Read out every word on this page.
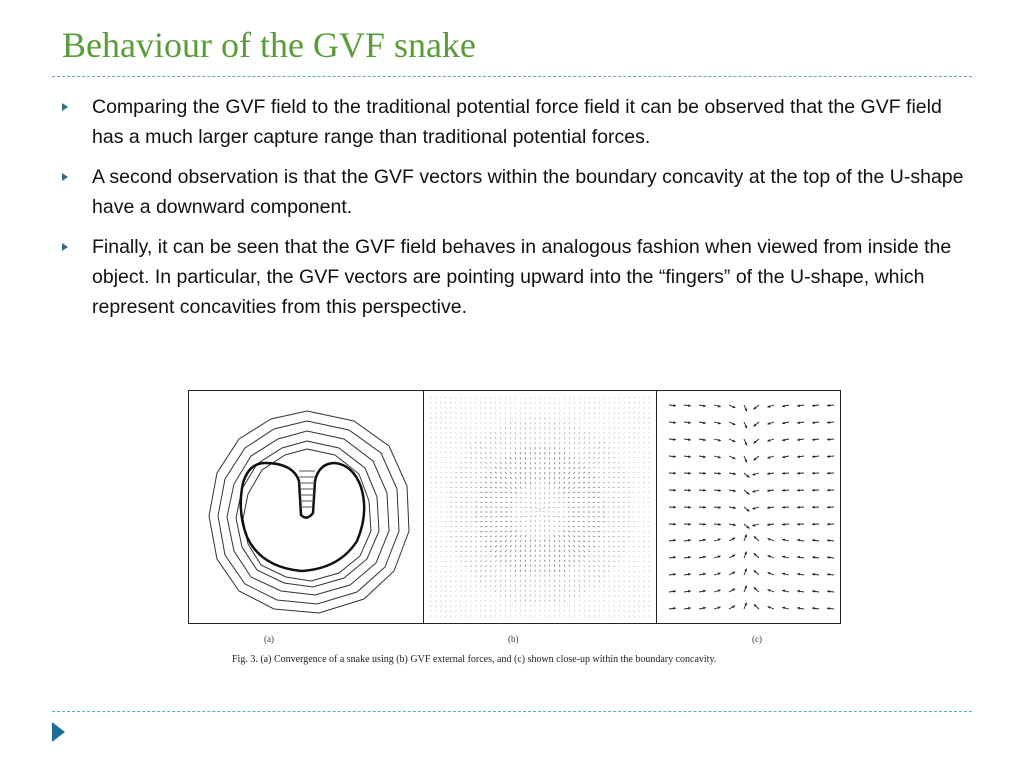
Behaviour of the GVF snake
Comparing the GVF field to the traditional potential force field it can be observed that the GVF field has a much larger capture range than traditional potential forces.
A second observation is that the GVF vectors within the boundary concavity at the top of the U-shape have a downward component.
Finally, it can be seen that the GVF field behaves in analogous fashion when viewed from inside the object. In particular, the GVF vectors are pointing upward into the “fingers” of the U-shape, which represent concavities from this perspective.
(a)	(b)	(c)
Fig. 3. (a) Convergence of a snake using (b) GVF external forces, and (c) shown close-up within the boundary concavity.
